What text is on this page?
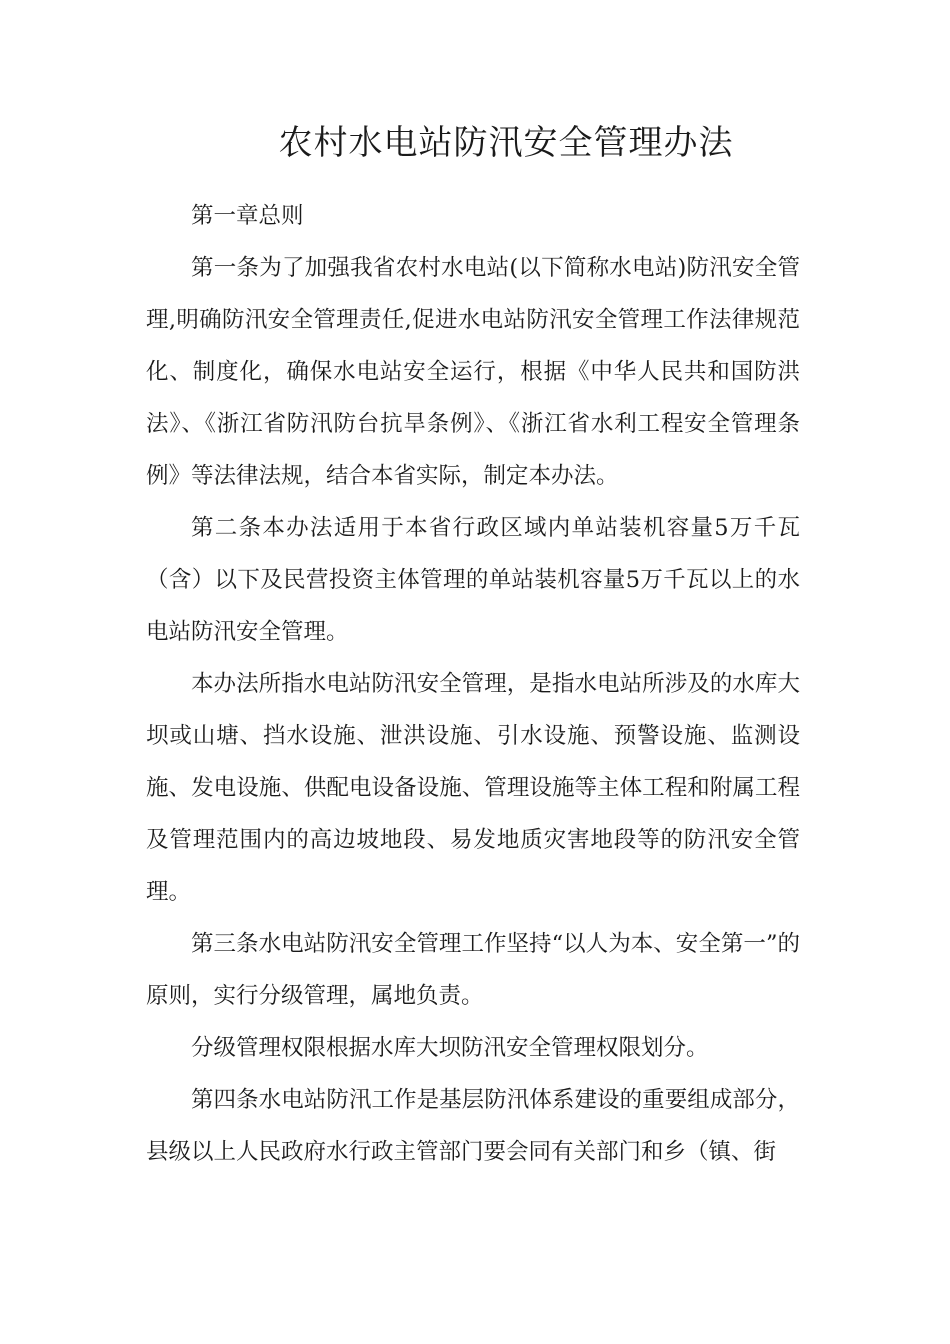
农村水电站防汛安全管理办法

第一章总则

第一条为了加强我省农村水电站(以下简称水电站)防汛安全管理,明确防汛安全管理责任,促进水电站防汛安全管理工作法律规范化、制度化，确保水电站安全运行，根据《中华人民共和国防洪法》、《浙江省防汛防台抗旱条例》、《浙江省水利工程安全管理条例》等法律法规，结合本省实际，制定本办法。

第二条本办法适用于本省行政区域内单站装机容量5万千瓦（含）以下及民营投资主体管理的单站装机容量5万千瓦以上的水电站防汛安全管理。

本办法所指水电站防汛安全管理，是指水电站所涉及的水库大坝或山塘、挡水设施、泄洪设施、引水设施、预警设施、监测设施、发电设施、供配电设备设施、管理设施等主体工程和附属工程及管理范围内的高边坡地段、易发地质灾害地段等的防汛安全管理。

第三条水电站防汛安全管理工作坚持“以人为本、安全第一”的原则，实行分级管理，属地负责。

分级管理权限根据水库大坝防汛安全管理权限划分。

第四条水电站防汛工作是基层防汛体系建设的重要组成部分，县级以上人民政府水行政主管部门要会同有关部门和乡（镇、街
